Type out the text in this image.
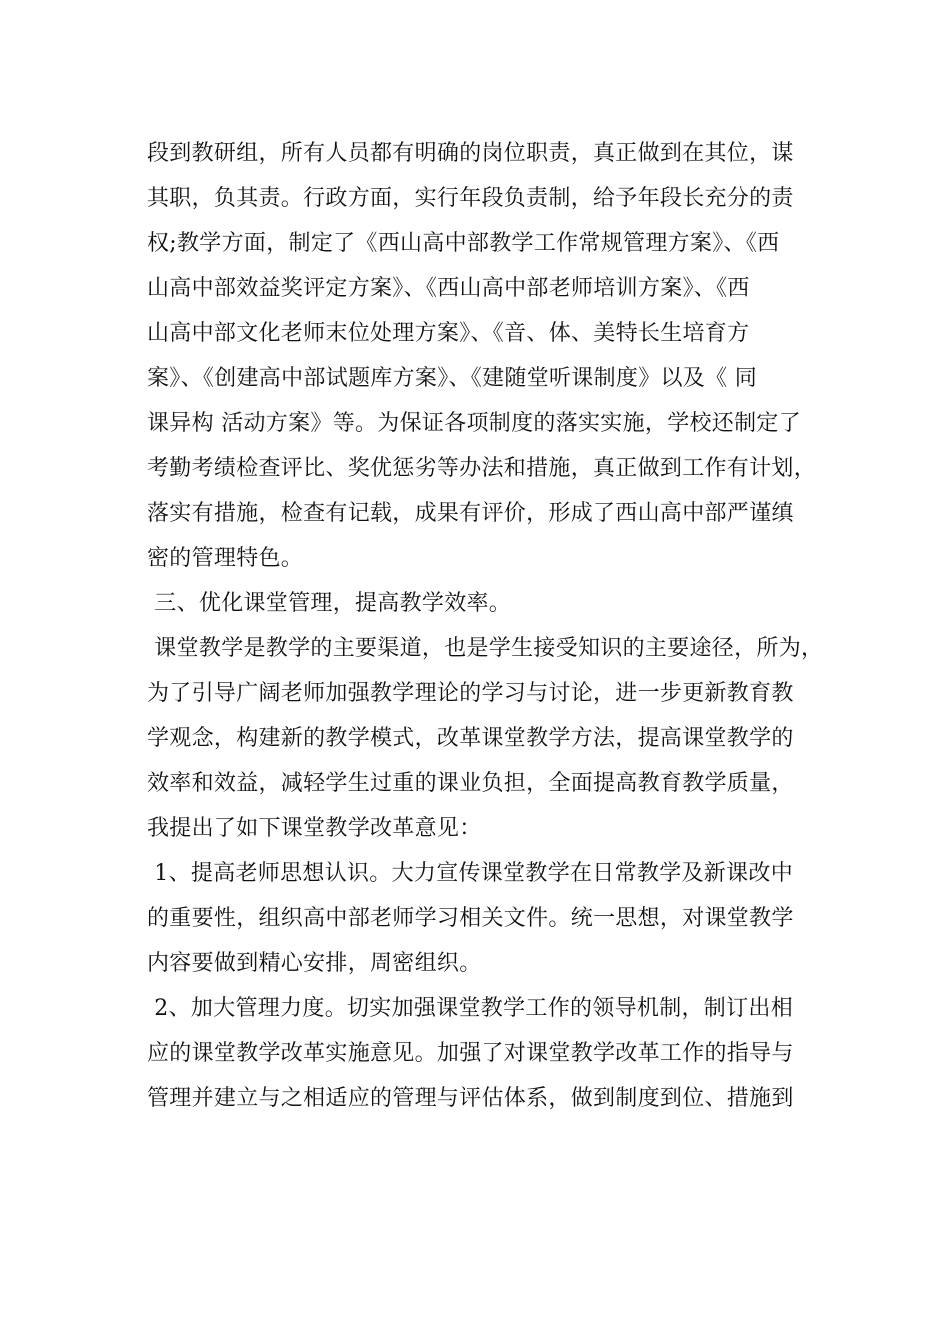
段到教研组，所有人员都有明确的岗位职责，真正做到在其位，谋
其职，负其责。行政方面，实行年段负责制，给予年段长充分的责
权;教学方面，制定了《西山高中部教学工作常规管理方案》、《西
山高中部效益奖评定方案》、《西山高中部老师培训方案》、《西
山高中部文化老师末位处理方案》、《音、体、美特长生培育方
案》、《创建高中部试题库方案》、《建随堂听课制度》以及《 同
课异构 活动方案》等。为保证各项制度的落实实施，学校还制定了
考勤考绩检查评比、奖优惩劣等办法和措施，真正做到工作有计划，
落实有措施，检查有记载，成果有评价，形成了西山高中部严谨缜
密的管理特色。
三、优化课堂管理，提高教学效率。
课堂教学是教学的主要渠道，也是学生接受知识的主要途径，所为，
为了引导广阔老师加强教学理论的学习与讨论，进一步更新教育教
学观念，构建新的教学模式，改革课堂教学方法，提高课堂教学的
效率和效益，减轻学生过重的课业负担，全面提高教育教学质量，
我提出了如下课堂教学改革意见：
1、提高老师思想认识。大力宣传课堂教学在日常教学及新课改中
的重要性，组织高中部老师学习相关文件。统一思想，对课堂教学
内容要做到精心安排，周密组织。
2、加大管理力度。切实加强课堂教学工作的领导机制，制订出相
应的课堂教学改革实施意见。加强了对课堂教学改革工作的指导与
管理并建立与之相适应的管理与评估体系，做到制度到位、措施到
